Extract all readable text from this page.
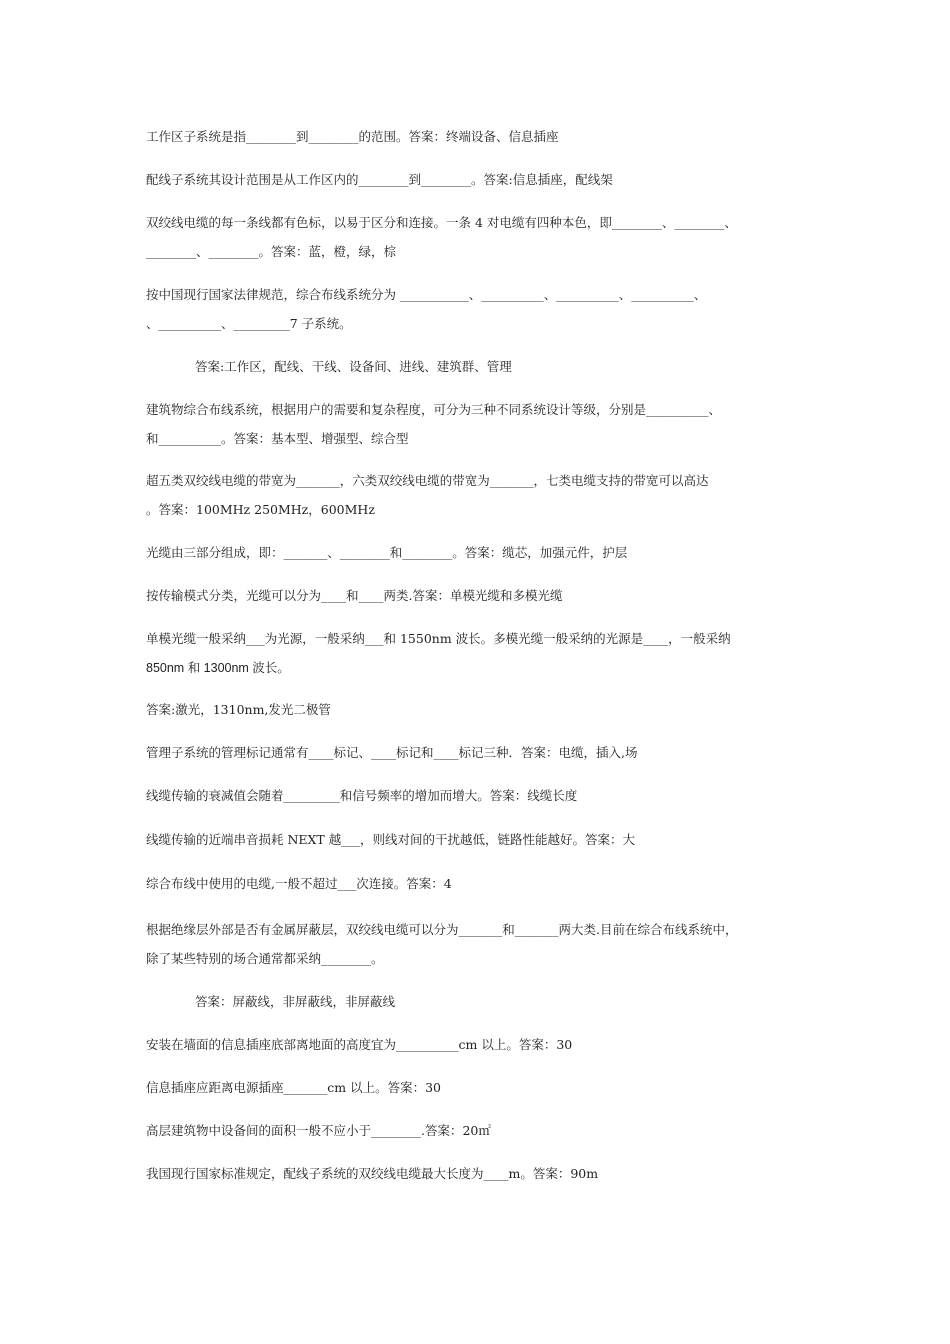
工作区子系统是指________到________的范围。答案：终端设备、信息插座
配线子系统其设计范围是从工作区内的________到________。答案:信息插座，配线架
双绞线电缆的每一条线都有色标，以易于区分和连接。一条 4 对电缆有四种本色，即________、________、
________、________。答案：蓝，橙，绿，棕
按中国现行国家法律规范，综合布线系统分为 ___________、__________、__________、__________、
、__________、_________7 子系统。
答案:工作区，配线、干线、设备间、进线、建筑群、管理
建筑物综合布线系统，根据用户的需要和复杂程度，可分为三种不同系统设计等级，分别是__________、
和__________。答案：基本型、增强型、综合型
超五类双绞线电缆的带宽为_______，六类双绞线电缆的带宽为_______，七类电缆支持的带宽可以高达
。答案：100MHz 250MHz，600MHz
光缆由三部分组成，即：_______、________和________。答案：缆芯，加强元件，护层
按传输模式分类，光缆可以分为____和____两类.答案：单模光缆和多模光缆
单模光缆一般采纳___为光源，一般采纳___和 1550nm 波长。多模光缆一般采纳的光源是____，一般采纳
850nm 和 1300nm 波长。
答案:激光，1310nm,发光二极管
管理子系统的管理标记通常有____标记、____标记和____标记三种．答案：电缆，插入,场
线缆传输的衰减值会随着_________和信号频率的增加而增大。答案：线缆长度
线缆传输的近端串音损耗 NEXT 越___，则线对间的干扰越低，链路性能越好。答案：大
综合布线中使用的电缆,一般不超过___次连接。答案：4
根据绝缘层外部是否有金属屏蔽层，双绞线电缆可以分为_______和_______两大类.目前在综合布线系统中，
除了某些特别的场合通常都采纳________。
答案：屏蔽线，非屏蔽线，非屏蔽线
安装在墙面的信息插座底部离地面的高度宜为__________cm 以上。答案：30
信息插座应距离电源插座_______cm 以上。答案：30
高层建筑物中设备间的面积一般不应小于________.答案：20㎡
我国现行国家标准规定，配线子系统的双绞线电缆最大长度为____m。答案：90m
